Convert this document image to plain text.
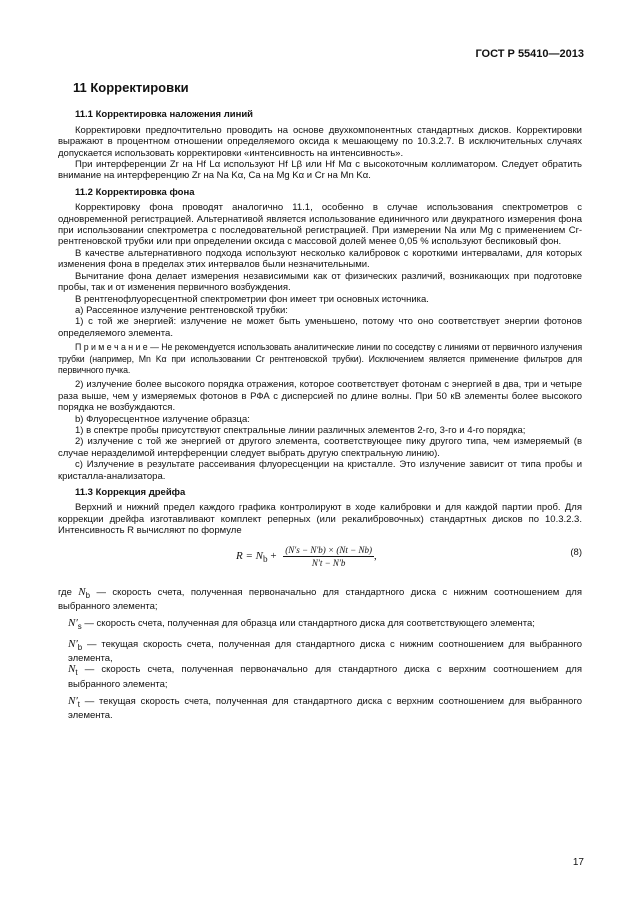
ГОСТ Р 55410—2013

11 Корректировки

11.1 Корректировка наложения линий

Корректировки предпочтительно проводить на основе двухкомпонентных стандартных дисков. Корректировки выражают в процентном отношении определяемого оксида к мешающему по 10.3.2.7. В исключительных случаях допускается использовать корректировки «интенсивность на интенсивность».

При интерференции Zr на Hf Lα используют Hf Lβ или Hf Mα с высокоточным коллиматором. Следует обратить внимание на интерференцию Zr на Na Kα, Ca на Mg Kα и Cr на Mn Kα.

11.2 Корректировка фона

Корректировку фона проводят аналогично 11.1, особенно в случае использования спектрометров с одновременной регистрацией. Альтернативой является использование единичного или двукратного измерения фона при использовании спектрометра с последовательной регистрацией. При измерении Na или Mg с применением Cr-рентгеновской трубки или при определении оксида с массовой долей менее 0,05 % используют беспиковый фон.

В качестве альтернативного подхода используют несколько калибровок с короткими интервалами, для которых изменения фона в пределах этих интервалов были незначительными.

Вычитание фона делает измерения независимыми как от физических различий, возникающих при подготовке пробы, так и от изменения первичного возбуждения.

В рентгенофлуоресцентной спектрометрии фон имеет три основных источника.

а) Рассеянное излучение рентгеновской трубки:

1) с той же энергией: излучение не может быть уменьшено, потому что оно соответствует энергии фотонов определяемого элемента.

П р и м е ч а н и е — Не рекомендуется использовать аналитические линии по соседству с линиями от первичного излучения трубки (например, Mn Kα при использовании Cr рентгеновской трубки). Исключением является применение фильтров для первичного пучка.

2) излучение более высокого порядка отражения, которое соответствует фотонам с энергией в два, три и четыре раза выше, чем у измеряемых фотонов в РФА с дисперсией по длине волны. При 50 кВ элементы более высокого порядка не возбуждаются.

b) Флуоресцентное излучение образца:

1) в спектре пробы присутствуют спектральные линии различных элементов 2-го, 3-го и 4-го порядка;

2) излучение с той же энергией от другого элемента, соответствующее пику другого типа, чем измеряемый (в случае неразделимой интерференции следует выбрать другую спектральную линию).

с) Излучение в результате рассеивания флуоресценции на кристалле. Это излучение зависит от типа пробы и кристалла-анализатора.

11.3 Коррекция дрейфа

Верхний и нижний предел каждого графика контролируют в ходе калибровки и для каждой партии проб. Для коррекции дрейфа изготавливают комплект реперных (или рекалибровочных) стандартных дисков по 10.3.2.3. Интенсивность R вычисляют по формуле

$R = N_b + \frac{(N's - N'b) \times (Nt - Nb)}{N't - N'b}$ ,	(8)

где $N_b$ — скорость счета, полученная первоначально для стандартного диска с нижним соотношением для выбранного элемента;

$N'_s$ — скорость счета, полученная для образца или стандартного диска для соответствующего элемента;

$N'_b$ — текущая скорость счета, полученная для стандартного диска с нижним соотношением для выбранного элемента,

$N_t$ — скорость счета, полученная первоначально для стандартного диска с верхним соотношением для выбранного элемента;

$N'_t$ — текущая скорость счета, полученная для стандартного диска с верхним соотношением для выбранного элемента.

17
